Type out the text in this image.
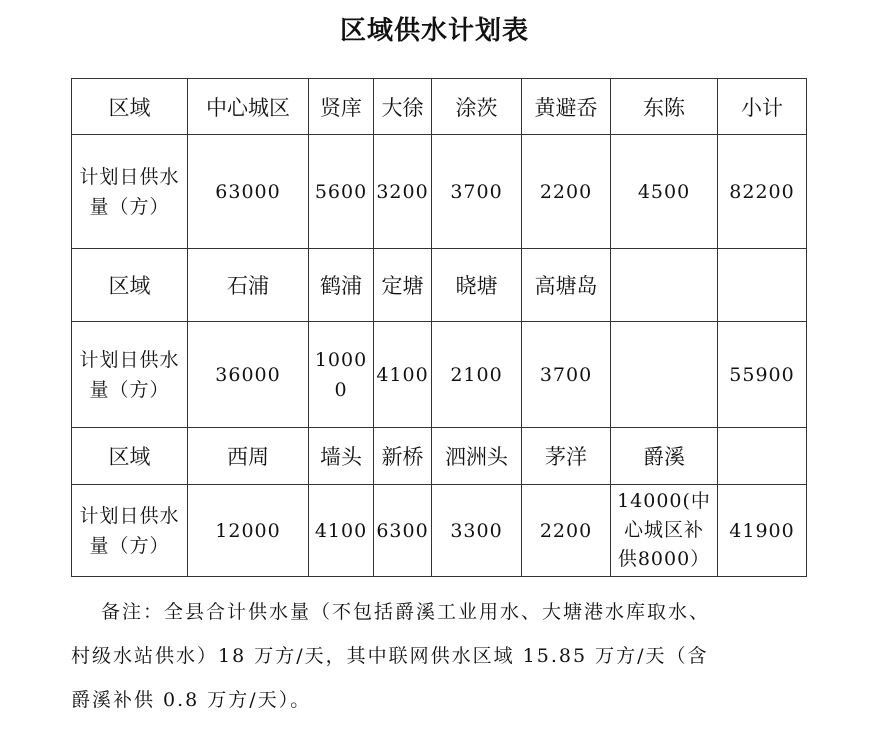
区域供水计划表
区域	中心城区	贤庠	大徐	涂茨	黄避岙	东陈	小计
计划日供水量（方）	63000	5600	3200	3700	2200	4500	82200
区域	石浦	鹤浦	定塘	晓塘	高塘岛		
计划日供水量（方）	36000	10000	4100	2100	3700		55900
区域	西周	墙头	新桥	泗洲头	茅洋	爵溪	
计划日供水量（方）	12000	4100	6300	3300	2200	14000(中心城区补供8000）	41900

备注：全县合计供水量（不包括爵溪工业用水、大塘港水库取水、

村级水站供水）18 万方/天，其中联网供水区域 15.85 万方/天（含

爵溪补供 0.8 万方/天）。
